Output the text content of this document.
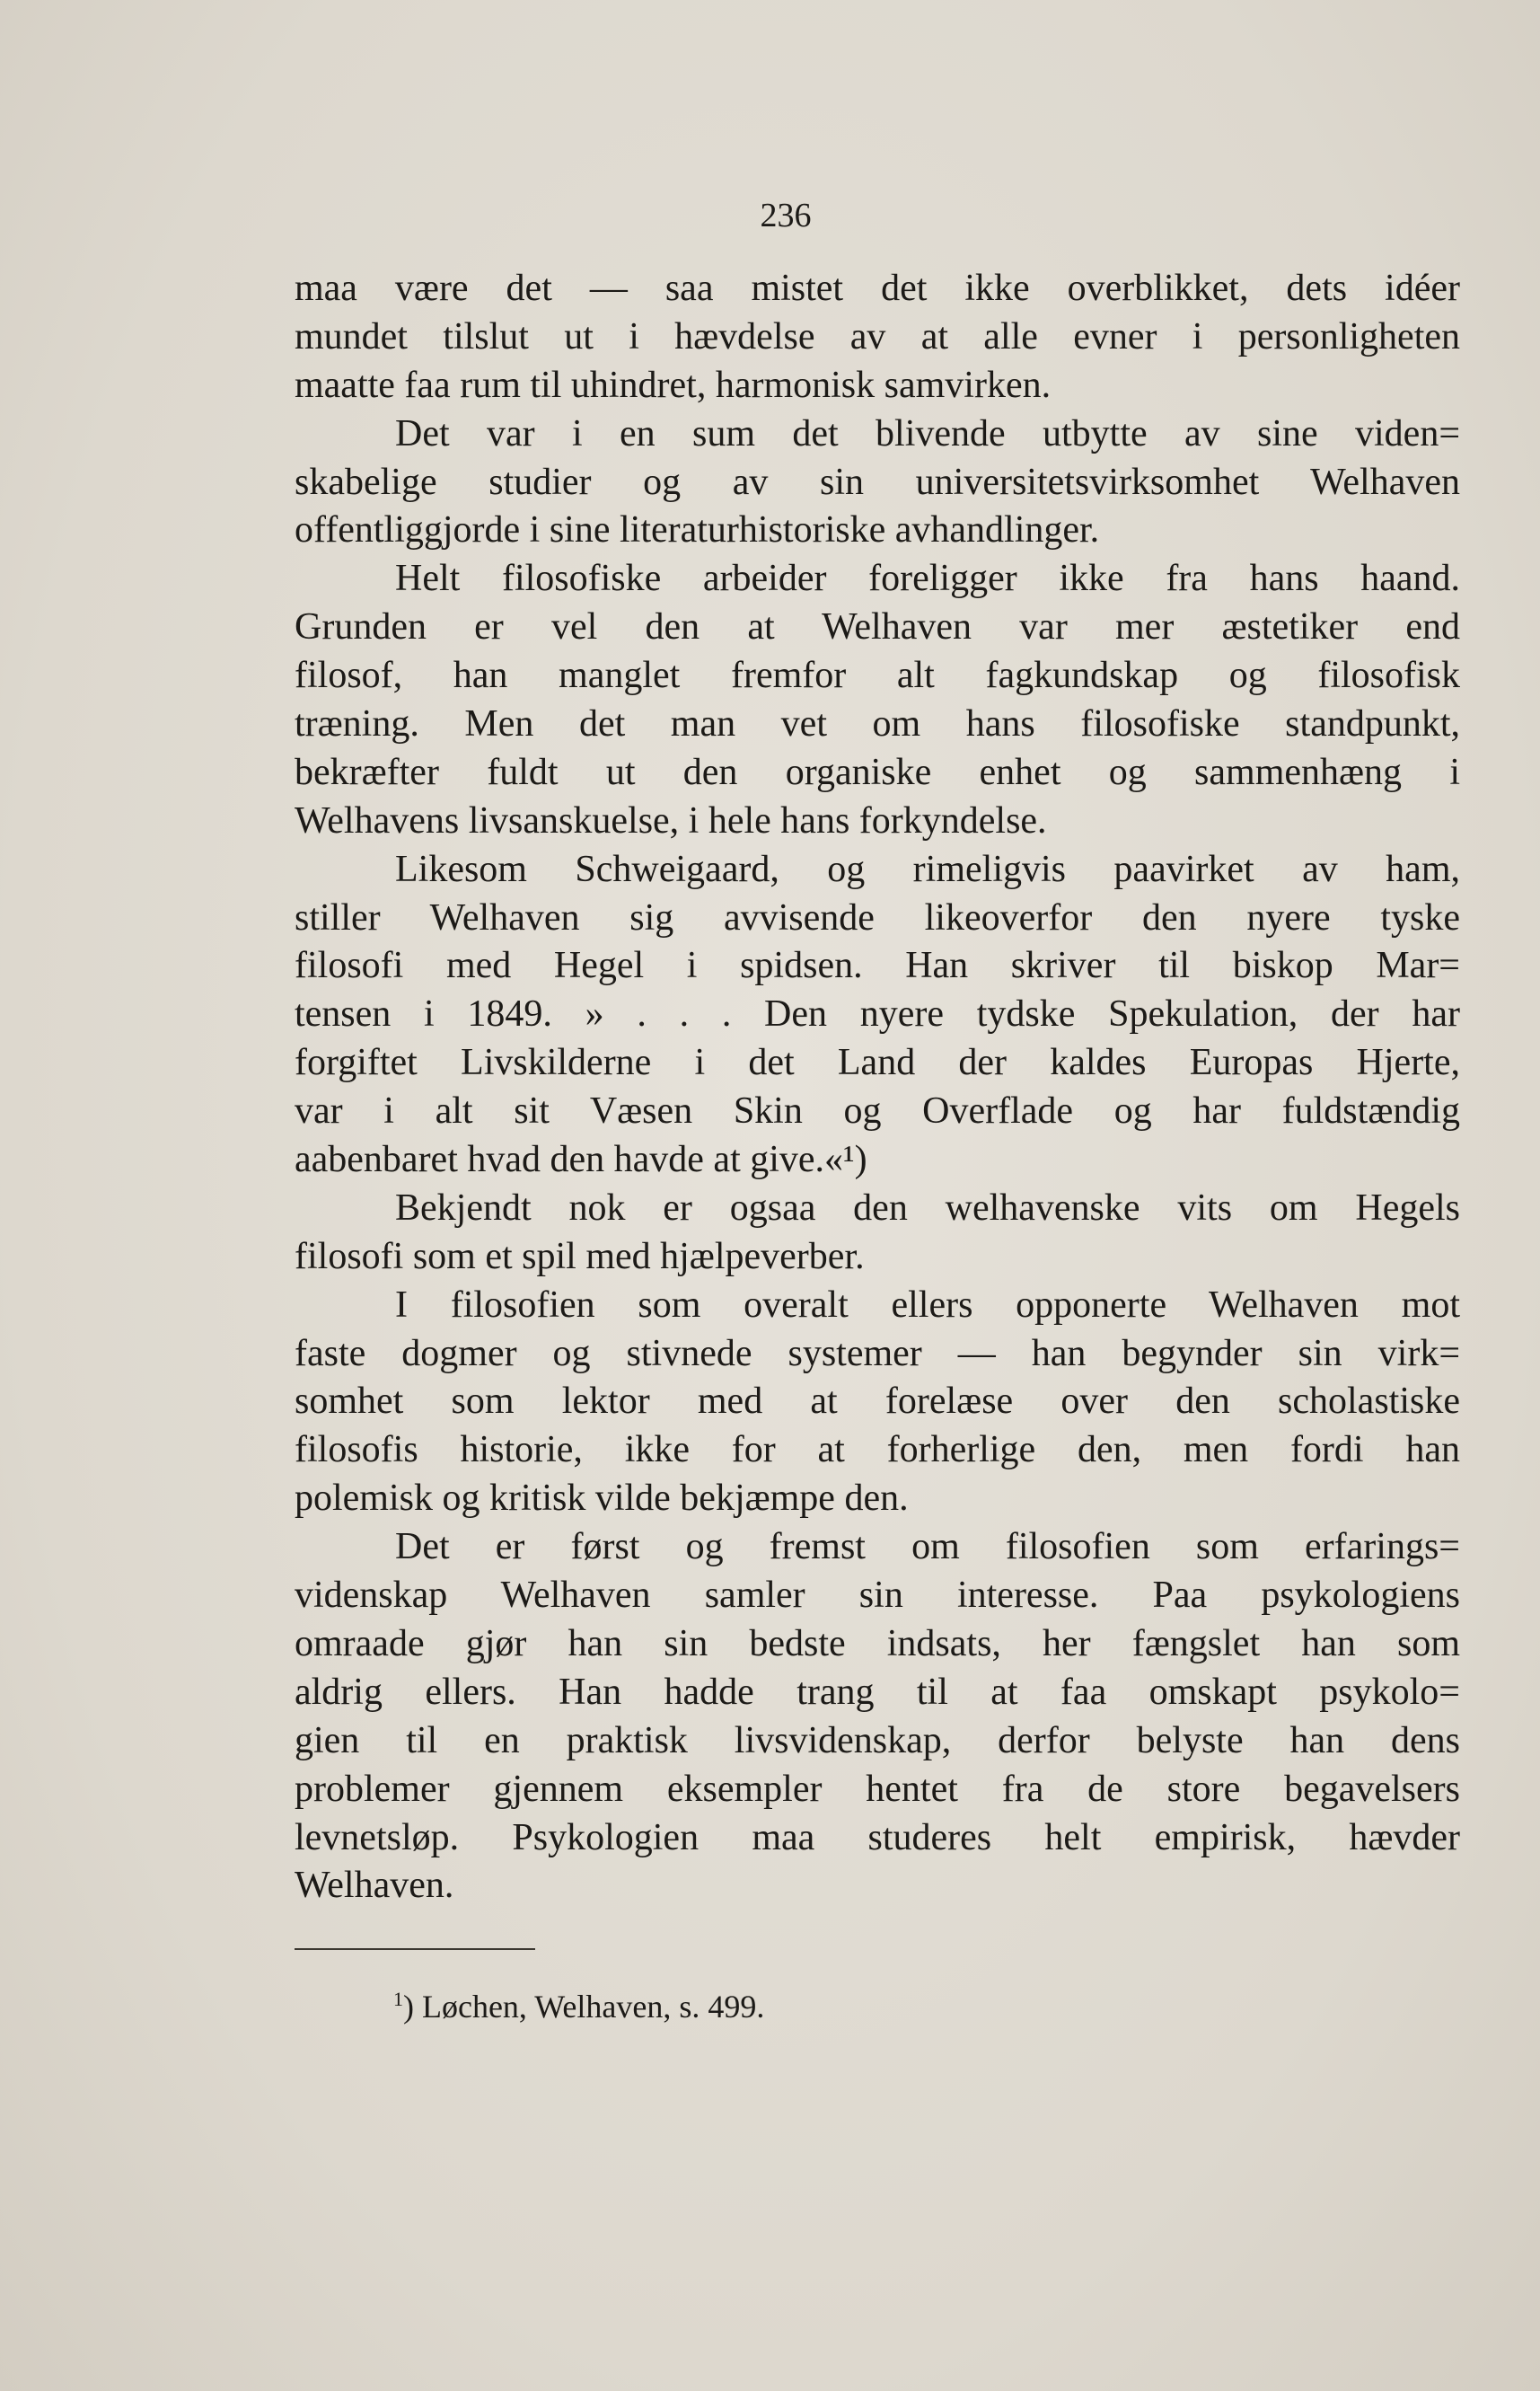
236
maa være det — saa mistet det ikke overblikket, dets idéer
mundet tilslut ut i hævdelse av at alle evner i personligheten
maatte faa rum til uhindret, harmonisk samvirken.
Det var i en sum det blivende utbytte av sine viden=
skabelige studier og av sin universitetsvirksomhet Welhaven
offentliggjorde i sine literaturhistoriske avhandlinger.
Helt filosofiske arbeider foreligger ikke fra hans haand.
Grunden er vel den at Welhaven var mer æstetiker end
filosof, han manglet fremfor alt fagkundskap og filosofisk
træning. Men det man vet om hans filosofiske standpunkt,
bekræfter fuldt ut den organiske enhet og sammenhæng i
Welhavens livsanskuelse, i hele hans forkyndelse.
Likesom Schweigaard, og rimeligvis paavirket av ham,
stiller Welhaven sig avvisende likeoverfor den nyere tyske
filosofi med Hegel i spidsen. Han skriver til biskop Mar=
tensen i 1849. » . . . Den nyere tydske Spekulation, der har
forgiftet Livskilderne i det Land der kaldes Europas Hjerte,
var i alt sit Væsen Skin og Overflade og har fuldstændig
aabenbaret hvad den havde at give.«¹)
Bekjendt nok er ogsaa den welhavenske vits om Hegels
filosofi som et spil med hjælpeverber.
I filosofien som overalt ellers opponerte Welhaven mot
faste dogmer og stivnede systemer — han begynder sin virk=
somhet som lektor med at forelæse over den scholastiske
filosofis historie, ikke for at forherlige den, men fordi han
polemisk og kritisk vilde bekjæmpe den.
Det er først og fremst om filosofien som erfarings=
videnskap Welhaven samler sin interesse. Paa psykologiens
omraade gjør han sin bedste indsats, her fængslet han som
aldrig ellers. Han hadde trang til at faa omskapt psykolo=
gien til en praktisk livsvidenskap, derfor belyste han dens
problemer gjennem eksempler hentet fra de store begavelsers
levnetsløp. Psykologien maa studeres helt empirisk, hævder
Welhaven.
$^1$) Løchen, Welhaven, s. 499.
